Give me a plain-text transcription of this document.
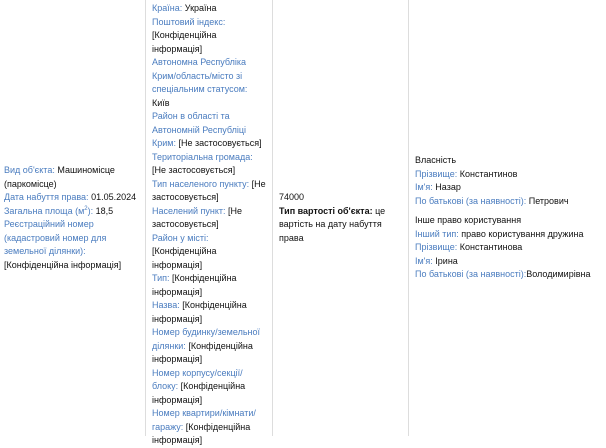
Вид об'єкта: Машиномісце (паркомісце)
Дата набуття права: 01.05.2024
Загальна площа $(м^2)$: 18,5
Реєстраційний номер (кадастровий номер для земельної ділянки): [Конфіденційна інформація]
Країна: Україна
Поштовий індекс: [Конфіденційна інформація]
Автономна Республіка Крим/область/місто зі спеціальним статусом: Київ
Район в області та Автономній Республіці Крим: [Не застосовується]
Територіальна громада: [Не застосовується]
Тип населеного пункту: [Не застосовується]
Населений пункт: [Не застосовується]
Район у місті: [Конфіденційна інформація]
Тип: [Конфіденційна інформація]
Назва: [Конфіденційна інформація]
Номер будинку/земельної ділянки: [Конфіденційна інформація]
Номер корпусу/секції/блоку: [Конфіденційна інформація]
Номер квартири/кімнати/гаражу: [Конфіденційна інформація]
74000
Тип вартості об'єкта: це вартість на дату набуття права
Власність
Прізвище: Константинов
Ім'я: Назар
По батькові (за наявності): Петрович
Інше право користування
Інший тип: право користування дружина
Прізвище: Константинова
Ім'я: Ірина
По батькові (за наявності):Володимирівна
